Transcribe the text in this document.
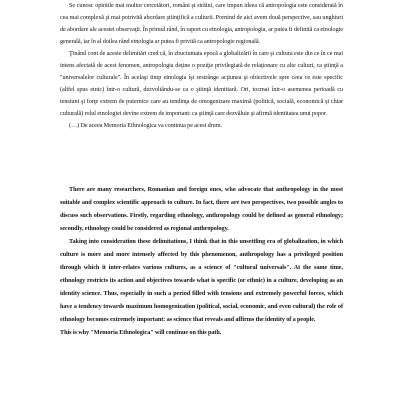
Se cunosc opiniile mai multor cercetători, români şi străini, care impun ideea că antropologia este considerată în cea mai complexă şi mai potrivită abordare ştiinţifică a culturii. Pornind de aici avem două perspective, sau unghiuri de abordare ale acestei observaţii. În primul rând, în raport cu etnologia, antropologia, ar putea fi definită ca etnologie generală, iar în al doilea rând etnologia ar putea fi privită ca antropologie regională.

Ţinând cont de aceste delimitări cred că, în zbuciumata epocă a globalizării în care şi cultura este din ce în ce mai intens afectată de acest fenomen, antropologia deţine o poziţie privilegiată de relaţionare cu alte culturi, ca ştiinţă a "universalelor culturale". În acelaşi timp etnologia îşi restrânge acţiunea şi obiectivele spre ceea ce este specific (altfel spus etnic) într-o cultură, dezvoltându-se ca o ştiinţă identitară. Ori, tocmai într-o asemenea perioadă cu tensiuni şi forţe extrem de puternice care au tendinţa de omogenizare maximă (politică, socială, economică şi chiar culturală) rolul etnologiei devine extrem de important: ca ştiinţă care dezvăluie şi afirmă identitatea unui popor.

(…) De aceea Memoria Ethnologica va continua pe acest drum.

There are many researchers, Romanian and foreign ones, who advocate that anthropology in the most suitable and complex scientific approach to culture. In fact, there are two perspectives, two possible angles to discuss such observations. Firstly, regarding ethnology, anthropology could be defined as general ethnology; secondly, ethnology could be considered as regional anthropology.

Taking into consideration these delimitations, I think that in this unsettling era of globalization, in which culture is more and more intensely affected by this phenomenon, anthropology has a privileged position through which it inter-relates various cultures, as a science of "cultural universals". At the same time, ethnology restricts its action and objectives towards what is specific (or ethnic) in a culture, developing as an identity science. Thus, especially in such a period filled with tensions and extremely powerful forces, which have a tendency towards maximum homogenization (political, social, economic, and even cultural) the role of ethnology becomes extremely important: as science that reveals and affirms the identity of a people.

This is why "Memoria Ethnologica" will continue on this path.
